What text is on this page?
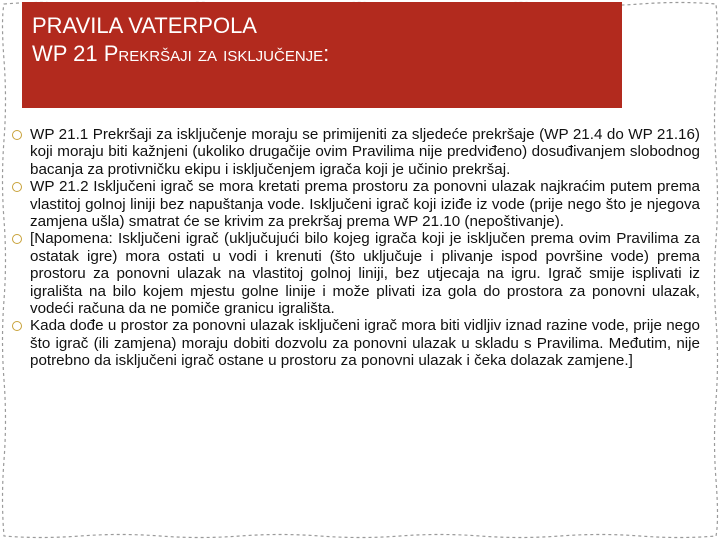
PRAVILA VATERPOLA
WP 21 Prekršaji za isključenje:
WP 21.1 Prekršaji za isključenje moraju se primijeniti za sljedeće prekršaje (WP 21.4 do WP 21.16) koji moraju biti kažnjeni (ukoliko drugačije ovim Pravilima nije predviđeno) dosuđivanjem slobodnog bacanja za protivničku ekipu i isključenjem igrača koji je učinio prekršaj.
WP 21.2 Isključeni igrač se mora kretati prema prostoru za ponovni ulazak najkraćim putem prema vlastitoj golnoj liniji bez napuštanja vode. Isključeni igrač koji iziđe iz vode (prije nego što je njegova zamjena ušla) smatrat će se krivim za prekršaj prema WP 21.10 (nepoštivanje).
[Napomena: Isključeni igrač (uključujući bilo kojeg igrača koji je isključen prema ovim Pravilima za ostatak igre) mora ostati u vodi i krenuti (što uključuje i plivanje ispod površine vode) prema prostoru za ponovni ulazak na vlastitoj golnoj liniji, bez utjecaja na igru. Igrač smije isplivati iz igrališta na bilo kojem mjestu golne linije i može plivati iza gola do prostora za ponovni ulazak, vodeći računa da ne pomiče granicu igrališta.
Kada dođe u prostor za ponovni ulazak isključeni igrač mora biti vidljiv iznad razine vode, prije nego što igrač (ili zamjena) moraju dobiti dozvolu za ponovni ulazak u skladu s Pravilima. Međutim, nije potrebno da isključeni igrač ostane u prostoru za ponovni ulazak i čeka dolazak zamjene.]
